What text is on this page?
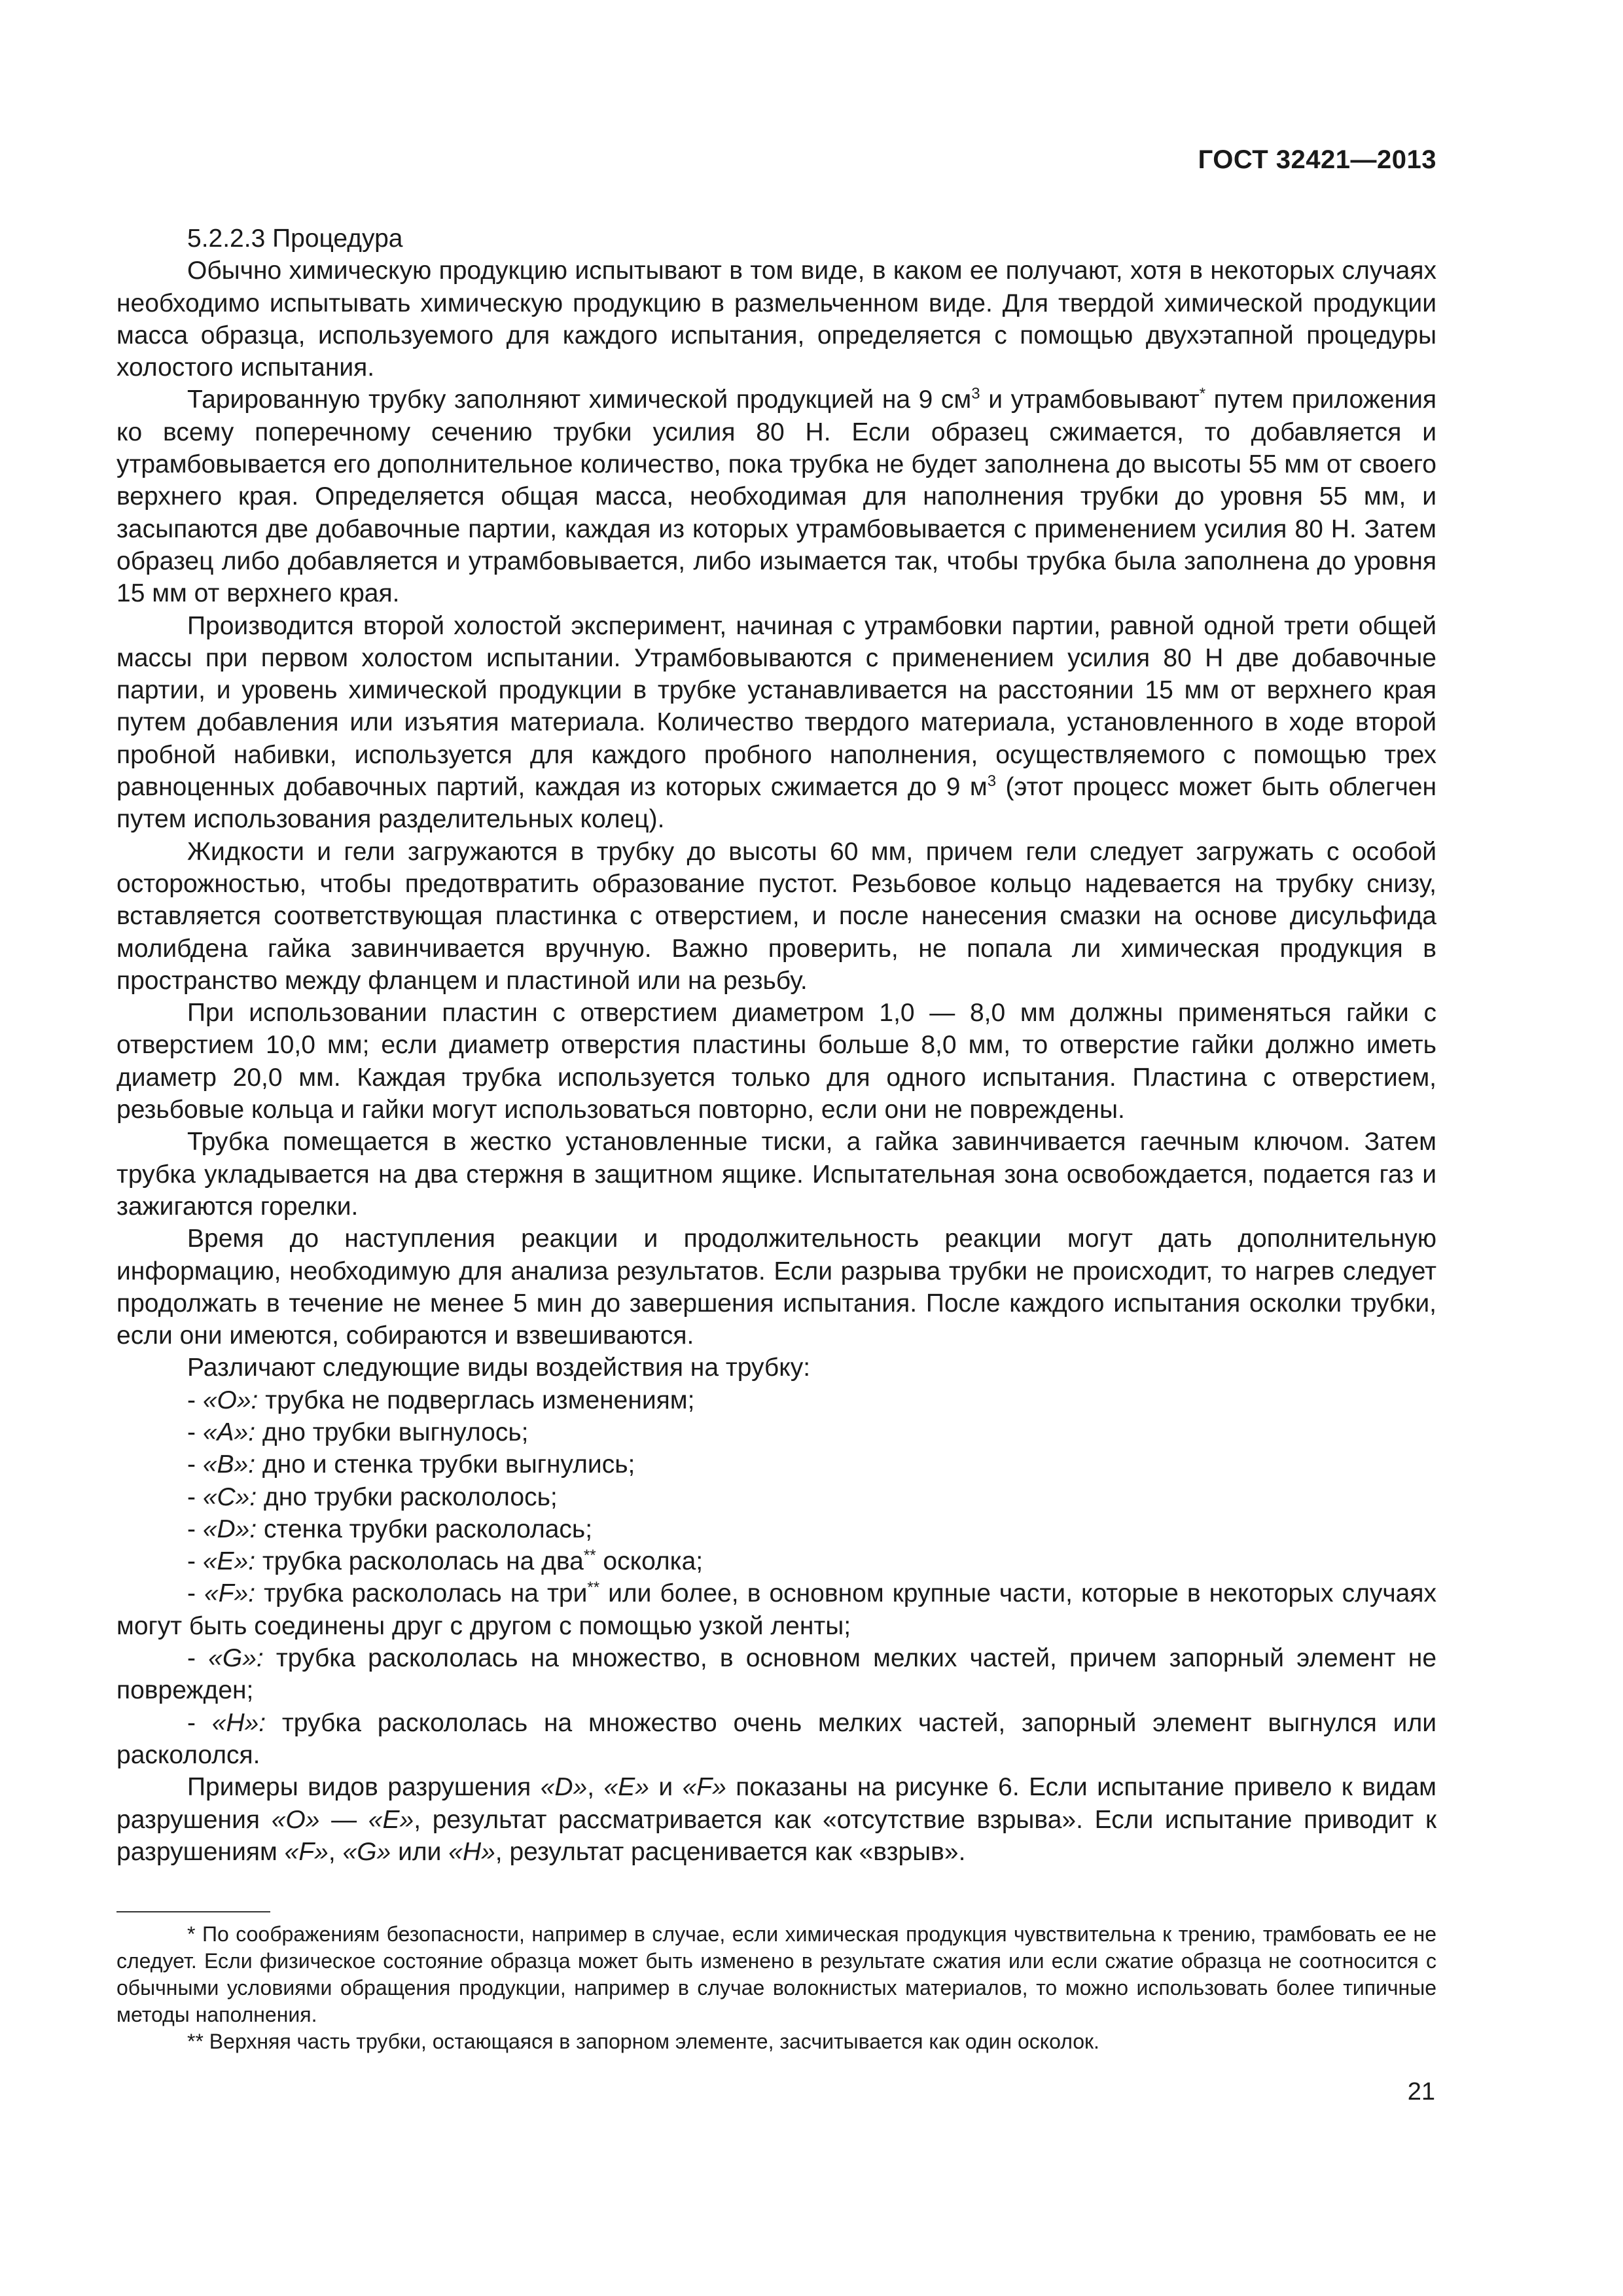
ГОСТ 32421—2013

5.2.2.3 Процедура

Обычно химическую продукцию испытывают в том виде, в каком ее получают, хотя в некоторых случаях необходимо испытывать химическую продукцию в размельченном виде. Для твердой химической продукции масса образца, используемого для каждого испытания, определяется с помощью двухэтапной процедуры холостого испытания.

Тарированную трубку заполняют химической продукцией на 9 $см^3$ и утрамбовывают* путем приложения ко всему поперечному сечению трубки усилия 80 Н. Если образец сжимается, то добавляется и утрамбовывается его дополнительное количество, пока трубка не будет заполнена до высоты 55 мм от своего верхнего края. Определяется общая масса, необходимая для наполнения трубки до уровня 55 мм, и засыпаются две добавочные партии, каждая из которых утрамбовывается с применением усилия 80 Н. Затем образец либо добавляется и утрамбовывается, либо изымается так, чтобы трубка была заполнена до уровня 15 мм от верхнего края.

Производится второй холостой эксперимент, начиная с утрамбовки партии, равной одной трети общей массы при первом холостом испытании. Утрамбовываются с применением усилия 80 Н две добавочные партии, и уровень химической продукции в трубке устанавливается на расстоянии 15 мм от верхнего края путем добавления или изъятия материала. Количество твердого материала, установленного в ходе второй пробной набивки, используется для каждого пробного наполнения, осуществляемого с помощью трех равноценных добавочных партий, каждая из которых сжимается до 9 $м^3$ (этот процесс может быть облегчен путем использования разделительных колец).

Жидкости и гели загружаются в трубку до высоты 60 мм, причем гели следует загружать с особой осторожностью, чтобы предотвратить образование пустот. Резьбовое кольцо надевается на трубку снизу, вставляется соответствующая пластинка с отверстием, и после нанесения смазки на основе дисульфида молибдена гайка завинчивается вручную. Важно проверить, не попала ли химическая продукция в пространство между фланцем и пластиной или на резьбу.

При использовании пластин с отверстием диаметром 1,0 — 8,0 мм должны применяться гайки с отверстием 10,0 мм; если диаметр отверстия пластины больше 8,0 мм, то отверстие гайки должно иметь диаметр 20,0 мм. Каждая трубка используется только для одного испытания. Пластина с отверстием, резьбовые кольца и гайки могут использоваться повторно, если они не повреждены.

Трубка помещается в жестко установленные тиски, а гайка завинчивается гаечным ключом. Затем трубка укладывается на два стержня в защитном ящике. Испытательная зона освобождается, подается газ и зажигаются горелки.

Время до наступления реакции и продолжительность реакции могут дать дополнительную информацию, необходимую для анализа результатов. Если разрыва трубки не происходит, то нагрев следует продолжать в течение не менее 5 мин до завершения испытания. После каждого испытания осколки трубки, если они имеются, собираются и взвешиваются.

Различают следующие виды воздействия на трубку:

- «O»: трубка не подверглась изменениям;

- «A»: дно трубки выгнулось;

- «B»: дно и стенка трубки выгнулись;

- «C»: дно трубки раскололось;

- «D»: стенка трубки раскололась;

- «E»: трубка раскололась на два** осколка;

- «F»: трубка раскололась на три** или более, в основном крупные части, которые в некоторых случаях могут быть соединены друг с другом с помощью узкой ленты;

- «G»: трубка раскололась на множество, в основном мелких частей, причем запорный элемент не поврежден;

- «H»: трубка раскололась на множество очень мелких частей, запорный элемент выгнулся или раскололся.

Примеры видов разрушения «D», «E» и «F» показаны на рисунке 6. Если испытание привело к видам разрушения «O» — «E», результат рассматривается как «отсутствие взрыва». Если испытание приводит к разрушениям «F», «G» или «H», результат расценивается как «взрыв».

* По соображениям безопасности, например в случае, если химическая продукция чувствительна к трению, трамбовать ее не следует. Если физическое состояние образца может быть изменено в результате сжатия или если сжатие образца не соотносится с обычными условиями обращения продукции, например в случае волокнистых материалов, то можно использовать более типичные методы наполнения.

** Верхняя часть трубки, остающаяся в запорном элементе, засчитывается как один осколок.

21
